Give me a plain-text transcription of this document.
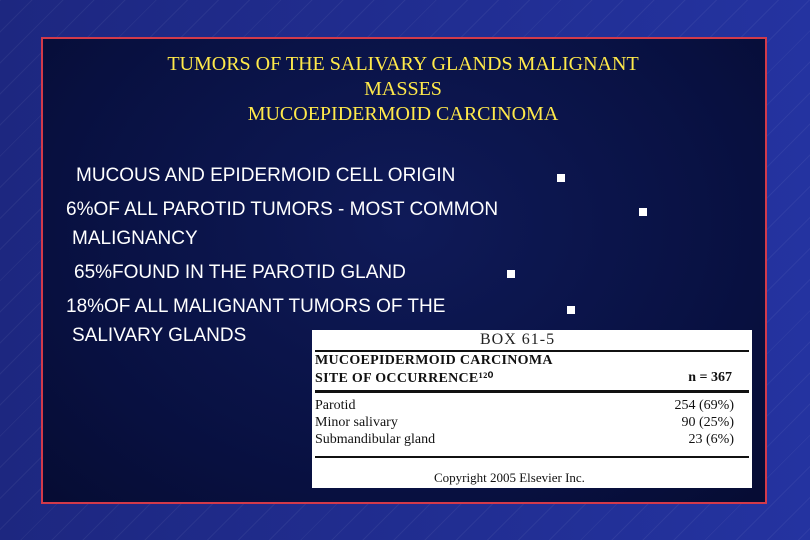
TUMORS OF THE SALIVARY GLANDS MALIGNANT
MASSES
MUCOEPIDERMOID CARCINOMA
MUCOUS AND EPIDERMOID CELL ORIGIN
6%OF ALL PAROTID TUMORS - MOST COMMON
MALIGNANCY
65%FOUND IN THE PAROTID GLAND
18%OF ALL MALIGNANT TUMORS OF THE
SALIVARY GLANDS	BOX 61-5
MUCOEPIDERMOID CARCINOMA
SITE OF OCCURRENCE¹²⁰	n = 367
Parotid	254 (69%)
Minor salivary	90 (25%)
Submandibular gland	23 (6%)
Copyright 2005 Elsevier Inc.
